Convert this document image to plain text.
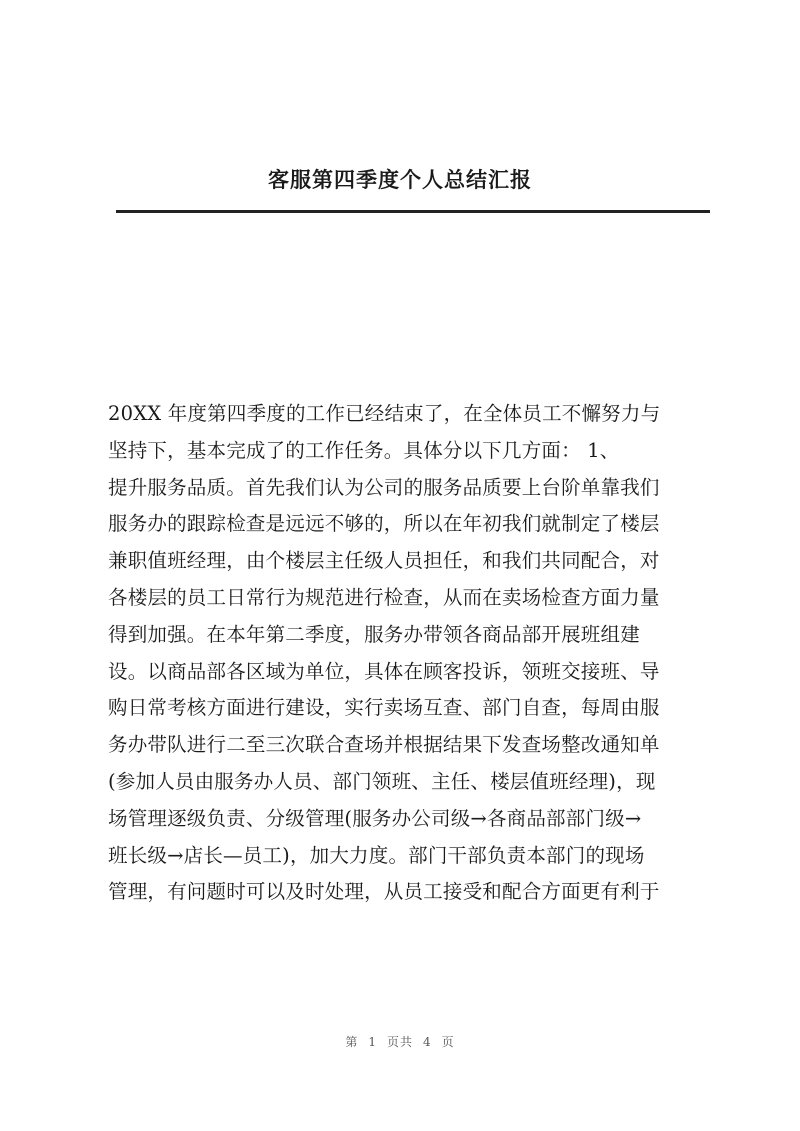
客服第四季度个人总结汇报
20XX 年度第四季度的工作已经结束了，在全体员工不懈努力与
坚持下，基本完成了的工作任务。具体分以下几方面： 1、
提升服务品质。首先我们认为公司的服务品质要上台阶单靠我们
服务办的跟踪检查是远远不够的，所以在年初我们就制定了楼层
兼职值班经理，由个楼层主任级人员担任，和我们共同配合，对
各楼层的员工日常行为规范进行检查，从而在卖场检查方面力量
得到加强。在本年第二季度，服务办带领各商品部开展班组建
设。以商品部各区域为单位，具体在顾客投诉，领班交接班、导
购日常考核方面进行建设，实行卖场互查、部门自查，每周由服
务办带队进行二至三次联合查场并根据结果下发查场整改通知单
(参加人员由服务办人员、部门领班、主任、楼层值班经理)，现
场管理逐级负责、分级管理(服务办公司级→各商品部部门级→
班长级→店长—员工)，加大力度。部门干部负责本部门的现场
管理，有问题时可以及时处理，从员工接受和配合方面更有利于
第 1 页共 4 页
